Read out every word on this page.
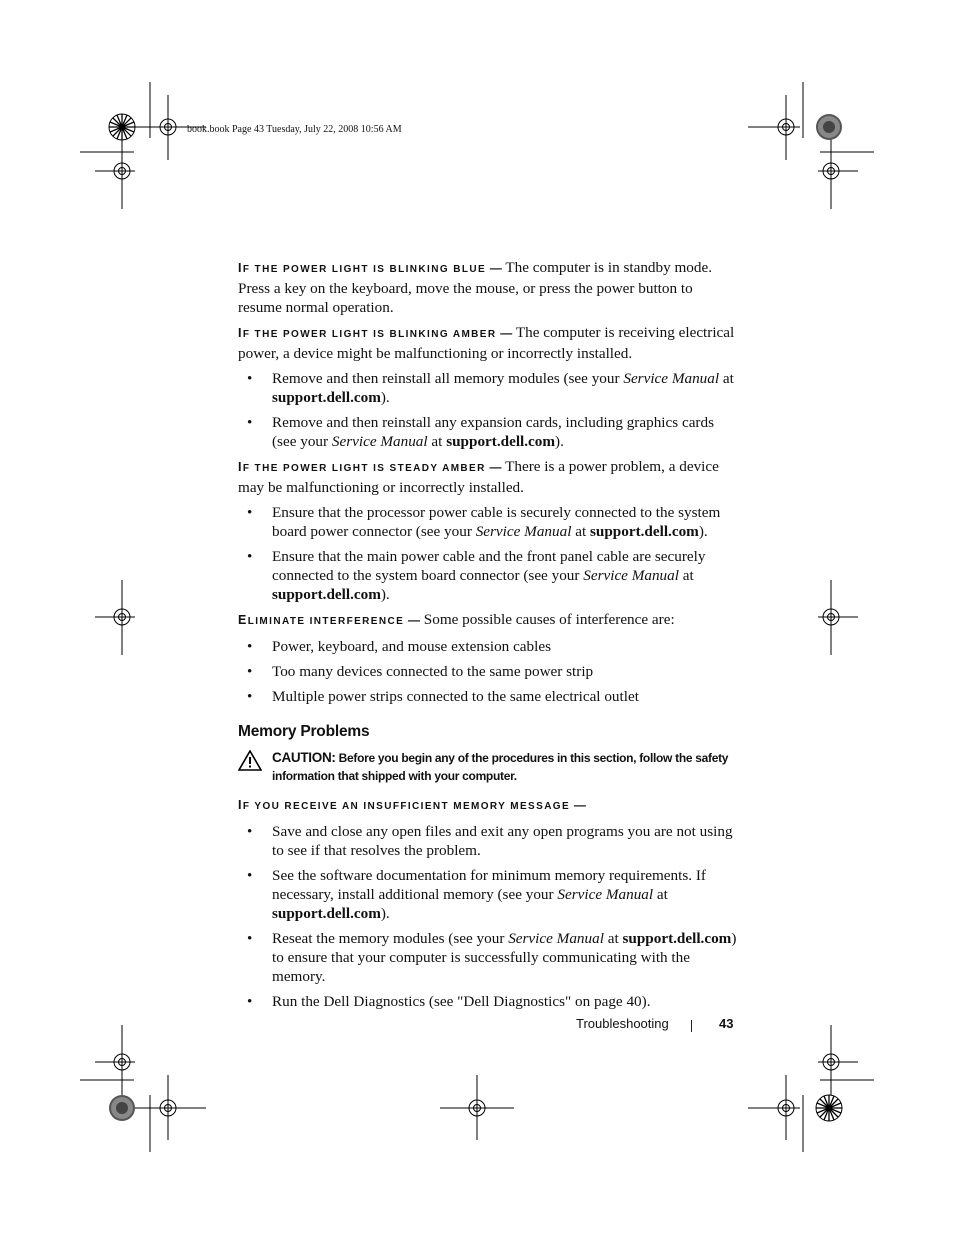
book.book Page 43 Tuesday, July 22, 2008 10:56 AM

IF THE POWER LIGHT IS BLINKING BLUE — The computer is in standby mode. Press a key on the keyboard, move the mouse, or press the power button to resume normal operation.

IF THE POWER LIGHT IS BLINKING AMBER — The computer is receiving electrical power, a device might be malfunctioning or incorrectly installed.

• Remove and then reinstall all memory modules (see your Service Manual at support.dell.com).
• Remove and then reinstall any expansion cards, including graphics cards (see your Service Manual at support.dell.com).

IF THE POWER LIGHT IS STEADY AMBER — There is a power problem, a device may be malfunctioning or incorrectly installed.

• Ensure that the processor power cable is securely connected to the system board power connector (see your Service Manual at support.dell.com).
• Ensure that the main power cable and the front panel cable are securely connected to the system board connector (see your Service Manual at support.dell.com).

ELIMINATE INTERFERENCE — Some possible causes of interference are:

• Power, keyboard, and mouse extension cables
• Too many devices connected to the same power strip
• Multiple power strips connected to the same electrical outlet
Memory Problems
CAUTION: Before you begin any of the procedures in this section, follow the safety information that shipped with your computer.

IF YOU RECEIVE AN INSUFFICIENT MEMORY MESSAGE —

• Save and close any open files and exit any open programs you are not using to see if that resolves the problem.
• See the software documentation for minimum memory requirements. If necessary, install additional memory (see your Service Manual at support.dell.com).
• Reseat the memory modules (see your Service Manual at support.dell.com) to ensure that your computer is successfully communicating with the memory.
• Run the Dell Diagnostics (see "Dell Diagnostics" on page 40).
Troubleshooting	43
